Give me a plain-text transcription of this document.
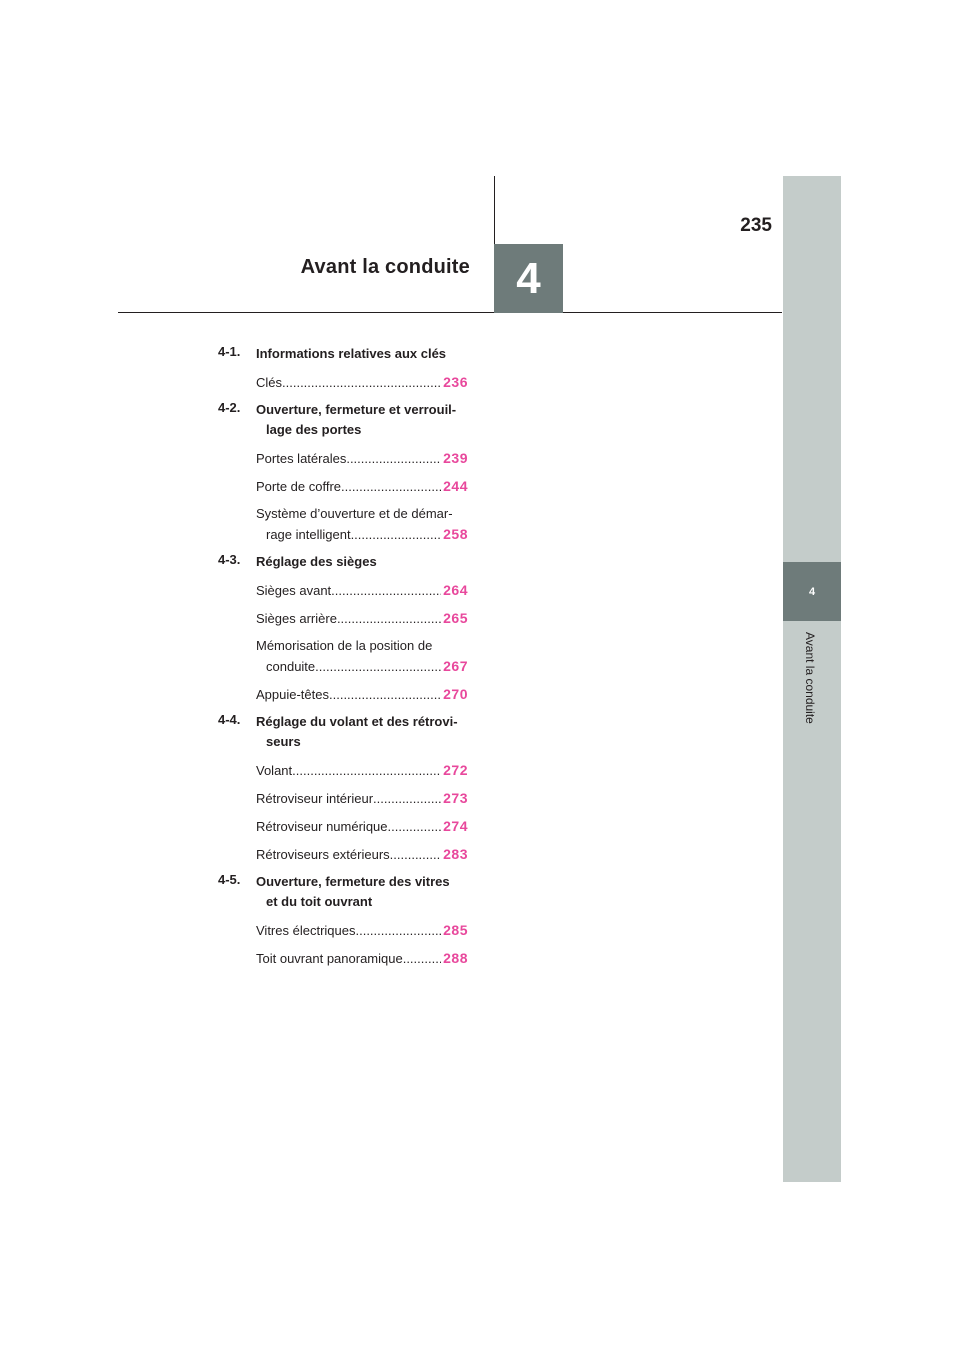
4
Avant la conduite
235
4
Avant la conduite
4-1.	Informations relatives aux clés
Clés .....	236
4-2.	Ouverture, fermeture et verrouil-
lage des portes
Portes latérales .....	239
Porte de coffre .....	244
Système d’ouverture et de démar-
rage intelligent .....	258
4-3.	Réglage des sièges
Sièges avant .....	264
Sièges arrière .....	265
Mémorisation de la position de
conduite .....	267
Appuie-têtes .....	270
4-4.	Réglage du volant et des rétrovi-
seurs
Volant .....	272
Rétroviseur intérieur .....	273
Rétroviseur numérique .....	274
Rétroviseurs extérieurs .....	283
4-5.	Ouverture, fermeture des vitres
et du toit ouvrant
Vitres électriques .....	285
Toit ouvrant panoramique .....	288
